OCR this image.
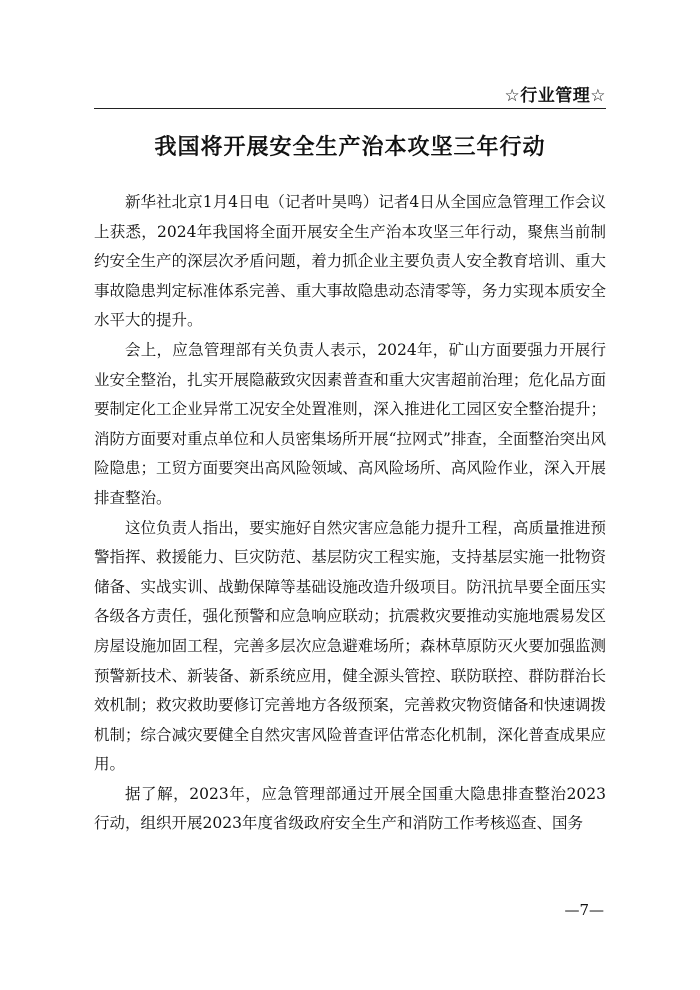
☆行业管理☆
我国将开展安全生产治本攻坚三年行动

新华社北京1月4日电（记者叶昊鸣）记者4日从全国应急管理工作会议上获悉，2024年我国将全面开展安全生产治本攻坚三年行动，聚焦当前制约安全生产的深层次矛盾问题，着力抓企业主要负责人安全教育培训、重大事故隐患判定标准体系完善、重大事故隐患动态清零等，务力实现本质安全水平大的提升。

会上，应急管理部有关负责人表示，2024年，矿山方面要强力开展行业安全整治，扎实开展隐蔽致灾因素普查和重大灾害超前治理；危化品方面要制定化工企业异常工况安全处置准则，深入推进化工园区安全整治提升；消防方面要对重点单位和人员密集场所开展“拉网式”排查，全面整治突出风险隐患；工贸方面要突出高风险领域、高风险场所、高风险作业，深入开展排查整治。

这位负责人指出，要实施好自然灾害应急能力提升工程，高质量推进预警指挥、救援能力、巨灾防范、基层防灾工程实施，支持基层实施一批物资储备、实战实训、战勤保障等基础设施改造升级项目。防汛抗旱要全面压实各级各方责任，强化预警和应急响应联动；抗震救灾要推动实施地震易发区房屋设施加固工程，完善多层次应急避难场所；森林草原防灭火要加强监测预警新技术、新装备、新系统应用，健全源头管控、联防联控、群防群治长效机制；救灾救助要修订完善地方各级预案，完善救灾物资储备和快速调拨机制；综合减灾要健全自然灾害风险普查评估常态化机制，深化普查成果应用。

据了解，2023年，应急管理部通过开展全国重大隐患排查整治2023行动，组织开展2023年度省级政府安全生产和消防工作考核巡查、国务

—7—
